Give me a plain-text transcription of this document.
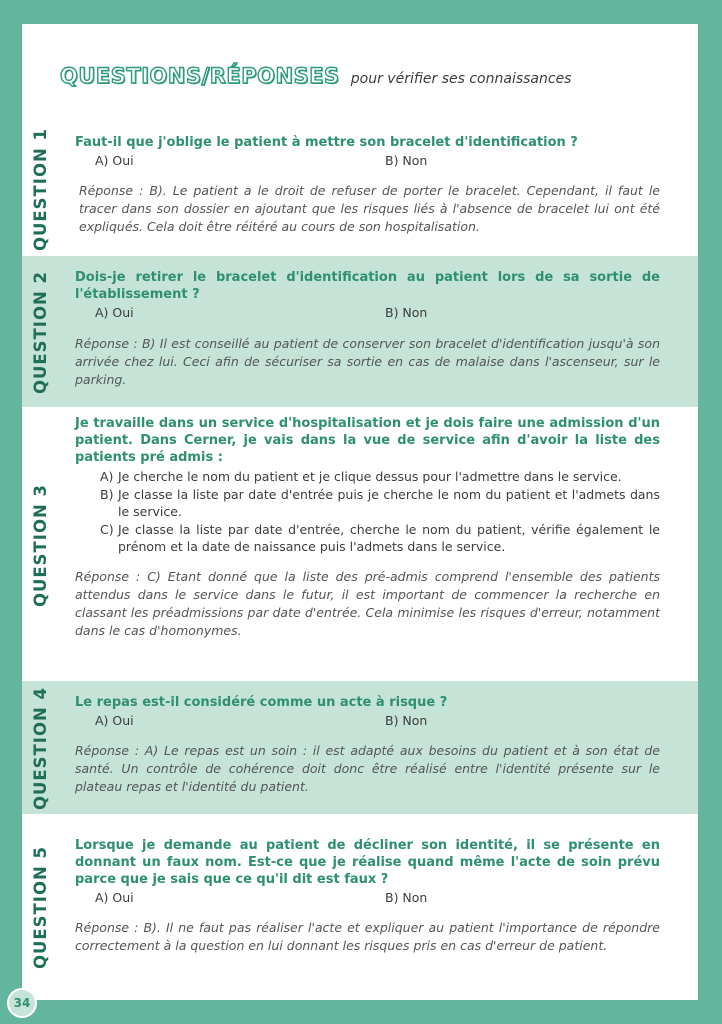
QUESTIONS/RÉPONSES pour vérifier ses connaissances
QUESTION 1 Faut-il que j'oblige le patient à mettre son bracelet d'identification ?
A) Oui	B) Non
Réponse : B). Le patient a le droit de refuser de porter le bracelet. Cependant, il faut le tracer dans son dossier en ajoutant que les risques liés à l'absence de bracelet lui ont été expliqués. Cela doit être réitéré au cours de son hospitalisation.
QUESTION 2 Dois-je retirer le bracelet d'identification au patient lors de sa sortie de l'établissement ?
A) Oui	B) Non
Réponse : B) Il est conseillé au patient de conserver son bracelet d'identification jusqu'à son arrivée chez lui. Ceci afin de sécuriser sa sortie en cas de malaise dans l'ascenseur, sur le parking.
QUESTION 3
Je travaille dans un service d'hospitalisation et je dois faire une admission d'un patient. Dans Cerner, je vais dans la vue de service afin d'avoir la liste des patients pré admis :
A) Je cherche le nom du patient et je clique dessus pour l'admettre dans le service.
B) Je classe la liste par date d'entrée puis je cherche le nom du patient et l'admets dans le service.
C) Je classe la liste par date d'entrée, cherche le nom du patient, vérifie également le prénom et la date de naissance puis l'admets dans le service.
Réponse : C) Etant donné que la liste des pré-admis comprend l'ensemble des patients attendus dans le service dans le futur, il est important de commencer la recherche en classant les préadmissions par date d'entrée. Cela minimise les risques d'erreur, notamment dans le cas d'homonymes.
QUESTION 4 Le repas est-il considéré comme un acte à risque ?
A) Oui	B) Non
Réponse : A) Le repas est un soin : il est adapté aux besoins du patient et à son état de santé. Un contrôle de cohérence doit donc être réalisé entre l'identité présente sur le plateau repas et l'identité du patient.
QUESTION 5 Lorsque je demande au patient de décliner son identité, il se présente en donnant un faux nom. Est-ce que je réalise quand même l'acte de soin prévu parce que je sais que ce qu'il dit est faux ?
A) Oui	B) Non
Réponse : B). Il ne faut pas réaliser l'acte et expliquer au patient l'importance de répondre correctement à la question en lui donnant les risques pris en cas d'erreur de patient.
34
